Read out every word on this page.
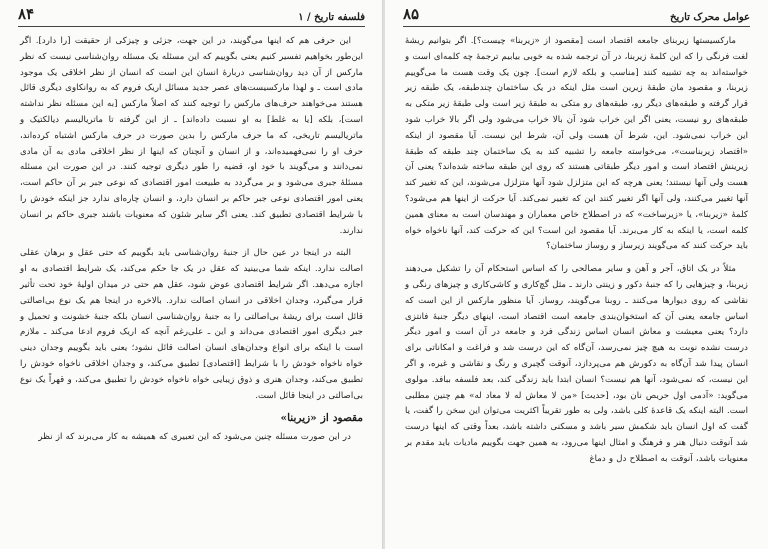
فلسفه تاریخ / ۱
۸۴

این حرفی هم که اینها می‌گویند، در این جهت، جزئی و چیزکی از حقیقت [را دارد]. اگر این‌طور بخواهیم تفسیر کنیم یعنی بگوییم که این مسئله یک مسئله روان‌شناسی نیست که نظر مارکس از آن دید روان‌شناسی دربارهٔ انسان این است که انسان از نظر اخلاقی یک موجود مادی است ـ و لهذا مارکسیست‌های عصر جدید مسائل اریک فروم که به روانکاوی دیگری قائل هستند می‌خواهند حرف‌های مارکس را توجیه کنند که اصلاً مارکس [به این مسئله نظر نداشته است]، بلکه [یا به غلط] به او نسبت داده‌اند] ـ از این گرفته تا ماتریالیسم دیالکتیک و ماتریالیسم تاریخی، که ما حرف مارکس را بدین صورت در حرف مارکس اشتباه کرده‌اند، حرف او را نمی‌فهمیده‌اند، و از انسان و آنچنان که اینها از نظر اخلاقی مادی به آن مادی نمی‌دانند و می‌گویند با خود او، قضیه را طور دیگری توجیه کنند. در این صورت این مسئله مسئلهٔ جبری می‌شود و بر می‌گردد به طبیعت امور اقتصادی که نوعی جبر بر آن حاکم است، یعنی امور اقتصادی نوعی جبر حاکم بر انسان دارد، و انسان چاره‌ای ندارد جز اینکه خودش را با شرایط اقتصادی تطبیق کند. یعنی اگر سایر شئون که معنویات باشند جبری حاکم بر انسان ندارند.

البته در اینجا در عین حال از جنبهٔ روان‌شناسی باید بگوییم که حتی عقل و برهان عقلی اصالت ندارد. اینکه شما می‌بینید که عقل در یک جا حکم می‌کند، یک شرایط اقتصادی به او اجازه می‌دهد. اگر شرایط اقتصادی عوض شود، عقل هم حتی در میدان اولیهٔ خود تحت تأثیر قرار می‌گیرد، وجدان اخلاقی در انسان اصالت ندارد. بالاخره در اینجا هم یک نوع بی‌اصالتی قائل است برای ریشهٔ بی‌اصالتی را به جنبهٔ روان‌شناسی انسان بلکه جنبهٔ خشونت و تحمیل و جبر دیگری امور اقتصادی می‌داند و این ـ علی‌رغم آنچه که اریک فروم ادعا می‌کند ـ ملازم است با اینکه برای انواع وجدان‌های انسان اصالت قائل نشود؛ یعنی باید بگوییم وجدان دینی خواه ناخواه خودش را با شرایط [اقتصادی] تطبیق می‌کند، و وجدان اخلاقی ناخواه خودش را تطبیق می‌کند، وجدان هنری و ذوق زیبایی خواه ناخواه خودش را تطبیق می‌کند، و قهراً یک نوع بی‌اصالتی در اینجا قائل است.

مقصود از «زیربنا»

در این صورت مسئله چنین می‌شود که این تعبیری که همیشه به کار می‌برند که از نظر

عوامل محرک تاریخ
۸۵

مارکسیستها زیربنای جامعه اقتصاد است [مقصود از «زیربنا» چیست؟]. اگر بتوانیم ریشهٔ لغت فرنگی را که این کلمهٔ زیربنا، در آن ترجمه شده به خوبی بیابیم ترجمهٔ چه کلمه‌ای است و خواسته‌اند به چه تشبیه کنند [مناسب و بلکه لازم است]. چون یک وقت هست ما می‌گوییم زیربنا، و مقصود مان طبقهٔ زیرین است مثل اینکه در یک ساختمان چندطبقه، یک طبقه زیر قرار گرفته و طبقه‌های دیگر رو، طبقه‌های رو متکی به طبقهٔ زیر است ولی طبقهٔ زیر متکی به طبقه‌های رو نیست، یعنی اگر این خراب شود آن بالا خراب می‌شود ولی اگر بالا خراب شود این خراب نمی‌شود. این، شرط آن هست ولی آن، شرط این نیست. آیا مقصود از اینکه «اقتصاد زیربناست»، می‌خواسته جامعه را تشبیه کند به یک ساختمان چند طبقه که طبقهٔ زیرینش اقتصاد است و امور دیگر طبقاتی هستند که روی این طبقه ساخته شده‌اند؟ یعنی آن هست ولی آنها نیستند؛ یعنی هرچه که این متزلزل شود آنها متزلزل می‌شوند، این که تغییر کند آنها تغییر می‌کنند، ولی آنها اگر تغییر کنند این که تغییر نمی‌کند. آیا حرکت از اینها هم می‌شود؟ کلمهٔ «زیربنا»، یا «زیرساخت» که در اصطلاح خاص معماران و مهندسان است به معنای همین کلمه است، یا اینکه به کار می‌برند. آیا مقصود این است؟ این که حرکت کند، آنها ناخواه خواه باید حرکت کنند که می‌گویند زیرساز و روساز ساختمان؟

مثلاً در یک اتاق، آجر و آهن و سایر مصالحی را که اساس استحکام آن را تشکیل می‌دهند زیربنا، و چیزهایی را که جنبهٔ دکور و زینتی دارند ـ مثل گچ‌کاری و کاشی‌کاری و چیزهای رنگی و نقاشی که روی دیوارها می‌کنند ـ روبنا می‌گویند، روساز. آیا منظور مارکس از این است که اساس جامعه یعنی آن که استخوان‌بندی جامعه است اقتصاد است، اینهای دیگر جنبهٔ فانتزی دارد؟ یعنی معیشت و معاش انسان اساس زندگی فرد و جامعه در آن است و امور دیگر درست نشده نوبت به هیچ چیز نمی‌رسد، آن‌گاه که این درست شد و فراغت و امکاناتی برای انسان پیدا شد آن‌گاه به دکورش هم می‌پردازد، آنوقت گچبری و رنگ و نقاشی و غیره، و اگر این نیست، که نمی‌شود، آنها هم نیست؟ انسان ابتدا باید زندگی کند، بعد فلسفه ببافد. مولوی می‌گوید: «آدمی اول حریص نان بود، [حدیث] «من لا معاش له لا معاد له» هم چنین مطلبی است. البته اینکه یک قاعدهٔ کلی باشد، ولی به طور تقریباً اکثریت می‌توان این سخن را گفت، یا گفت که اول انسان باید شکمش سیر باشد و مسکنی داشته باشد، بعداً وقتی که اینها درست شد آنوقت دنبال هنر و فرهنگ و امثال اینها می‌رود، به همین جهت بگوییم مادیات باید مقدم بر معنویات باشد، آنوقت به اصطلاح دل و دماغ
